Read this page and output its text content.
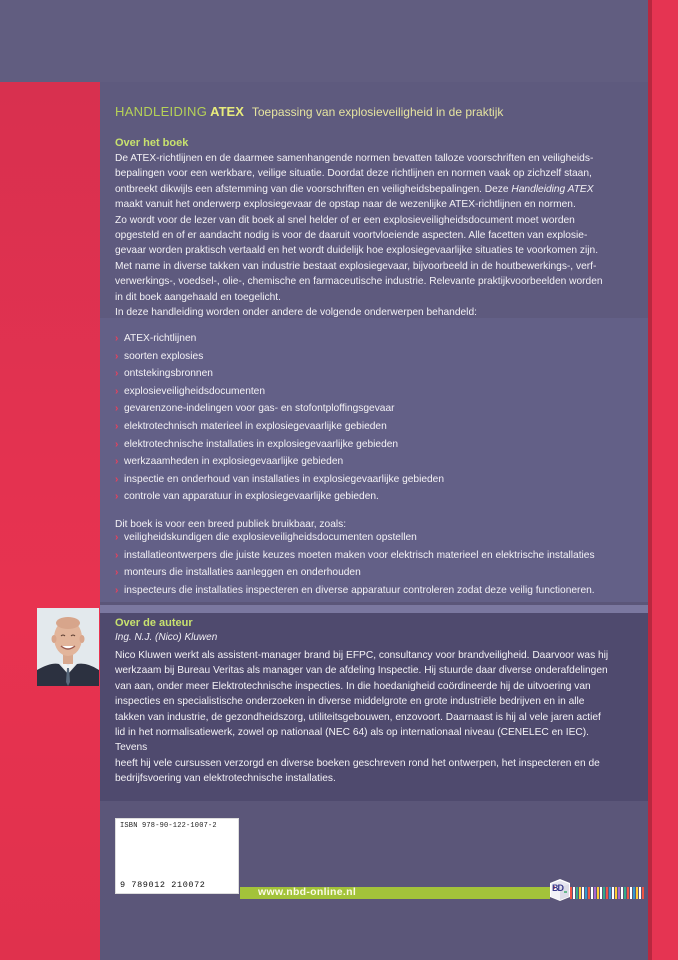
HANDLEIDING ATEX Toepassing van explosieveiligheid in de praktijk
Over het boek

De ATEX-richtlijnen en de daarmee samenhangende normen bevatten talloze voorschriften en veiligheids-

bepalingen voor een werkbare, veilige situatie. Doordat deze richtlijnen en normen vaak op zichzelf staan,

ontbreekt dikwijls een afstemming van die voorschriften en veiligheidsbepalingen. Deze Handleiding ATEX

maakt vanuit het onderwerp explosiegevaar de opstap naar de wezenlijke ATEX-richtlijnen en normen.

Zo wordt voor de lezer van dit boek al snel helder of er een explosieveiligheidsdocument moet worden

opgesteld en of er aandacht nodig is voor de daaruit voortvloeiende aspecten. Alle facetten van explosie-

gevaar worden praktisch vertaald en het wordt duidelijk hoe explosiegevaarlijke situaties te voorkomen zijn.

Met name in diverse takken van industrie bestaat explosiegevaar, bijvoorbeeld in de houtbewerkings-, verf-

verwerkings-, voedsel-, olie-, chemische en farmaceutische industrie. Relevante praktijkvoorbeelden worden

in dit boek aangehaald en toegelicht.

In deze handleiding worden onder andere de volgende onderwerpen behandeld:

› ATEX-richtlijnen
› soorten explosies
› ontstekingsbronnen
› explosieveiligheidsdocumenten
› gevarenzone-indelingen voor gas- en stofontploffingsgevaar
› elektrotechnisch materieel in explosiegevaarlijke gebieden
› elektrotechnische installaties in explosiegevaarlijke gebieden
› werkzaamheden in explosiegevaarlijke gebieden
› inspectie en onderhoud van installaties in explosiegevaarlijke gebieden
› controle van apparatuur in explosiegevaarlijke gebieden.
Dit boek is voor een breed publiek bruikbaar, zoals:
› veiligheidskundigen die explosieveiligheidsdocumenten opstellen
› installatieontwerpers die juiste keuzes moeten maken voor elektrisch materieel en elektrische installaties
› monteurs die installaties aanleggen en onderhouden
› inspecteurs die installaties inspecteren en diverse apparatuur controleren zodat deze veilig functioneren.
Over de auteur
Ing. N.J. (Nico) Kluwen

Nico Kluwen werkt als assistent-manager brand bij EFPC, consultancy voor brandveiligheid. Daarvoor was hij

werkzaam bij Bureau Veritas als manager van de afdeling Inspectie. Hij stuurde daar diverse onderafdelingen

van aan, onder meer Elektrotechnische inspecties. In die hoedanigheid coördineerde hij de uitvoering van

inspecties en specialistische onderzoeken in diverse middelgrote en grote industriële bedrijven en in alle

takken van industrie, de gezondheidszorg, utiliteitsgebouwen, enzovoort. Daarnaast is hij al vele jaren actief

lid in het normalisatiewerk, zowel op nationaal (NEC 64) als op internationaal niveau (CENELEC en IEC). Tevens

heeft hij vele cursussen verzorgd en diverse boeken geschreven rond het ontwerpen, het inspecteren en de

bedrijfsvoering van elektrotechnische installaties.

ISBN 978-90-122-1007-2
9 789012 210072
www.nbd-online.nl	BD
